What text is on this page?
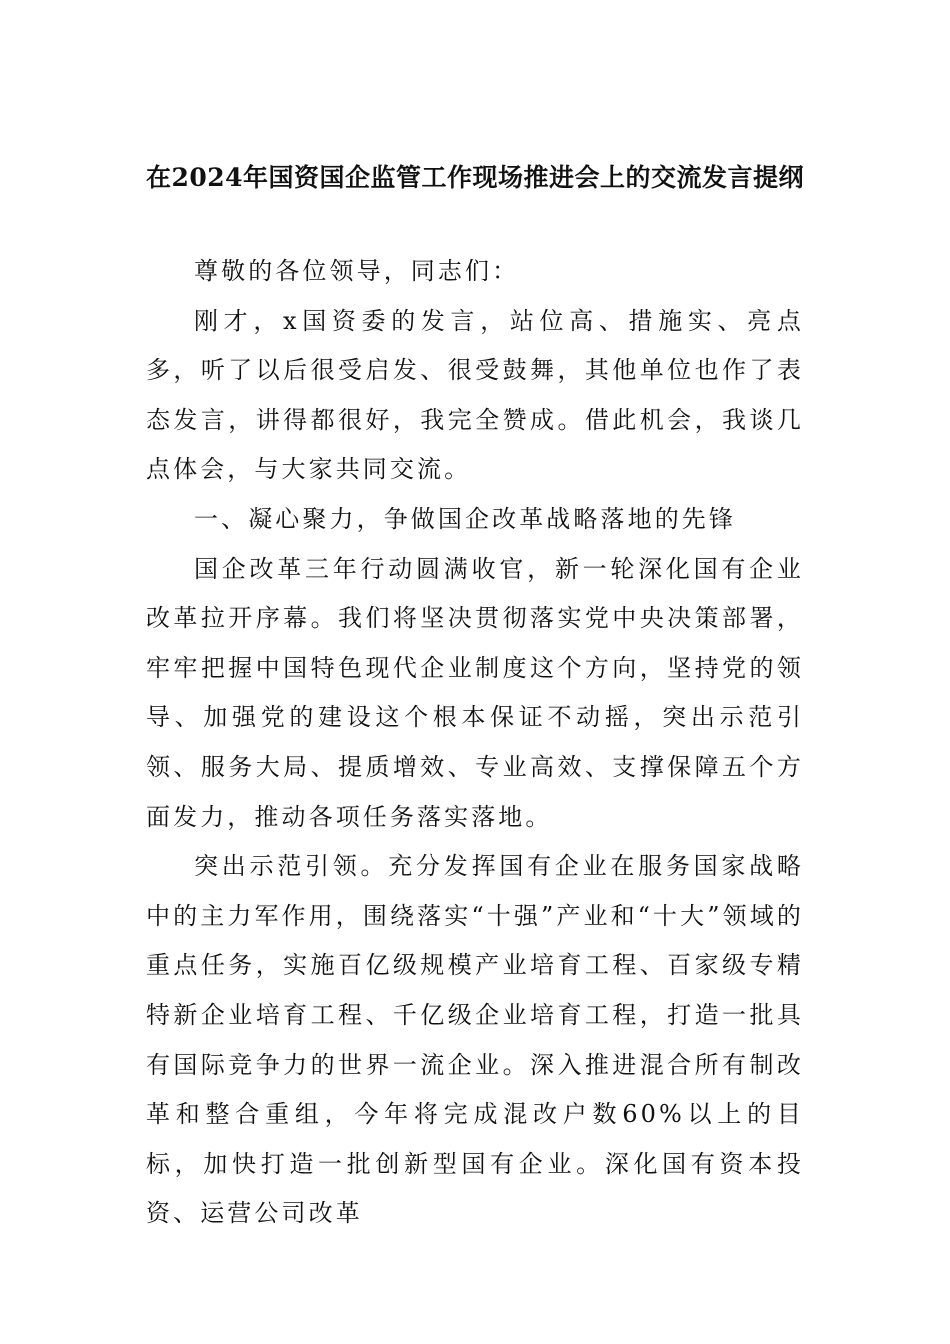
在2024年国资国企监管工作现场推进会上的交流发言提纲

尊敬的各位领导，同志们：

刚才，x国资委的发言，站位高、措施实、亮点多，听了以后很受启发、很受鼓舞，其他单位也作了表态发言，讲得都很好，我完全赞成。借此机会，我谈几点体会，与大家共同交流。

一、凝心聚力，争做国企改革战略落地的先锋

国企改革三年行动圆满收官，新一轮深化国有企业改革拉开序幕。我们将坚决贯彻落实党中央决策部署，牢牢把握中国特色现代企业制度这个方向，坚持党的领导、加强党的建设这个根本保证不动摇，突出示范引领、服务大局、提质增效、专业高效、支撑保障五个方面发力，推动各项任务落实落地。

突出示范引领。充分发挥国有企业在服务国家战略中的主力军作用，围绕落实“十强”产业和“十大”领域的重点任务，实施百亿级规模产业培育工程、百家级专精特新企业培育工程、千亿级企业培育工程，打造一批具有国际竞争力的世界一流企业。深入推进混合所有制改革和整合重组，今年将完成混改户数60%以上的目标，加快打造一批创新型国有企业。深化国有资本投资、运营公司改革
